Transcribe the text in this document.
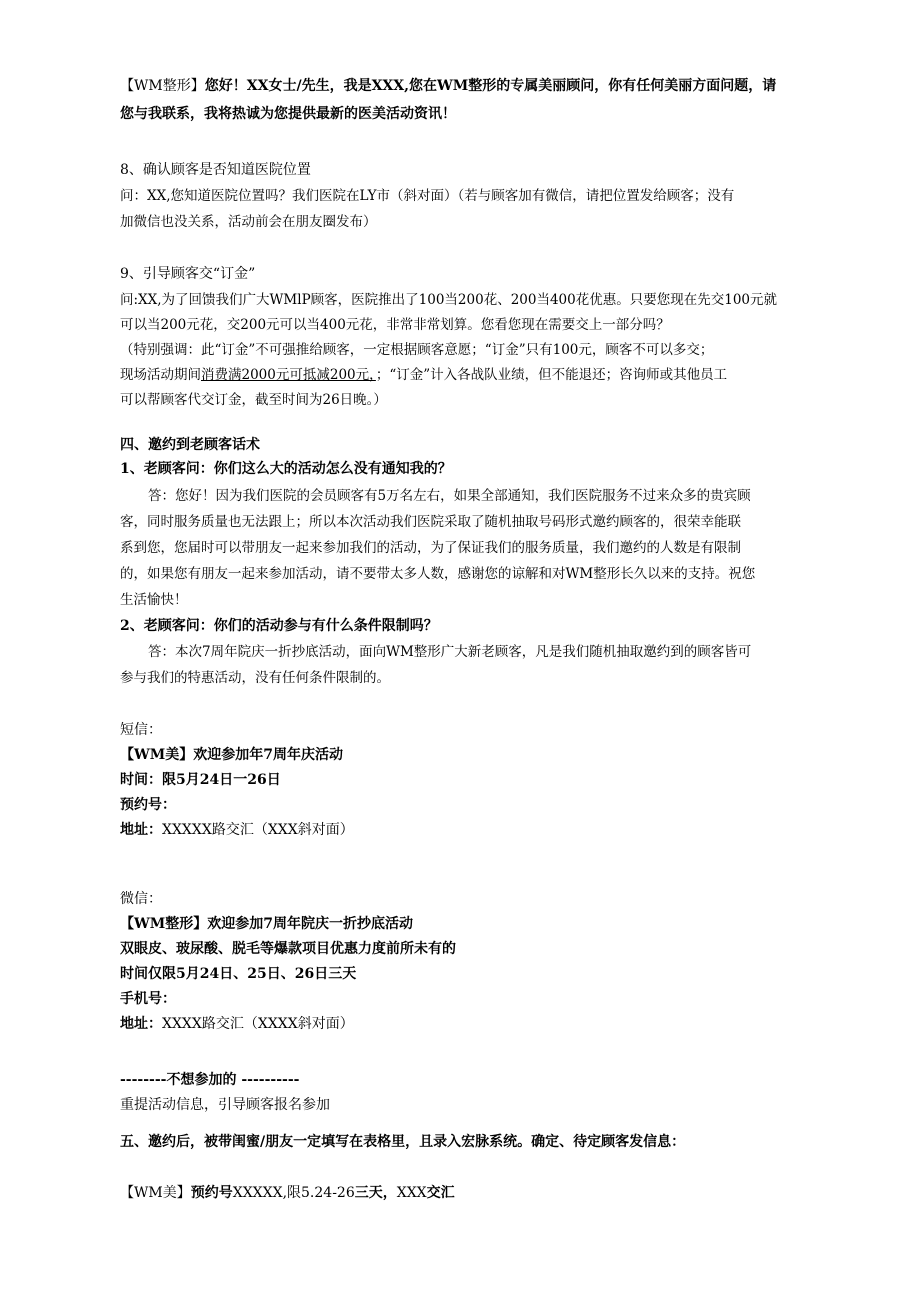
【WM整形】您好！XX女士/先生，我是XXX,您在WM整形的专属美丽顾问，你有任何美丽方面问题，请
您与我联系，我将热诚为您提供最新的医美活动资讯！
8、确认顾客是否知道医院位置
问：XX,您知道医院位置吗？我们医院在LY市（斜对面）（若与顾客加有微信，请把位置发给顾客；没有
加微信也没关系，活动前会在朋友圈发布）
9、引导顾客交“订金”
问:XX,为了回馈我们广大WMlP顾客，医院推出了100当200花、200当400花优惠。只要您现在先交100元就
可以当200元花，交200元可以当400元花，非常非常划算。您看您现在需要交上一部分吗？
（特别强调：此“订金”不可强推给顾客，一定根据顾客意愿；“订金”只有100元，顾客不可以多交；
现场活动期间消费满2000元可抵减200元，；“订金”计入各战队业绩，但不能退还；咨询师或其他员工
可以帮顾客代交订金，截至时间为26日晚。）
四、邀约到老顾客话术
1、老顾客问：你们这么大的活动怎么没有通知我的？
答：您好！因为我们医院的会员顾客有5万名左右，如果全部通知，我们医院服务不过来众多的贵宾顾
客，同时服务质量也无法跟上；所以本次活动我们医院采取了随机抽取号码形式邀约顾客的，很荣幸能联
系到您，您届时可以带朋友一起来参加我们的活动，为了保证我们的服务质量，我们邀约的人数是有限制
的，如果您有朋友一起来参加活动，请不要带太多人数，感谢您的谅解和对WM整形长久以来的支持。祝您
生活愉快！
2、老顾客问：你们的活动参与有什么条件限制吗？
答：本次7周年院庆一折抄底活动，面向WM整形广大新老顾客，凡是我们随机抽取邀约到的顾客皆可
参与我们的特惠活动，没有任何条件限制的。
短信：
【WM美】欢迎参加年7周年庆活动
时间：限5月24日一26日
预约号：
地址：XXXXX路交汇（XXX斜对面）
微信：
【WM整形】欢迎参加7周年院庆一折抄底活动
双眼皮、玻尿酸、脱毛等爆款项目优惠力度前所未有的
时间仅限5月24日、25日、26日三天
手机号：
地址：XXXX路交汇（XXXX斜对面）
--------不想参加的 ----------
重提活动信息，引导顾客报名参加
五、邀约后，被带闺蜜/朋友一定填写在表格里，且录入宏脉系统。确定、待定顾客发信息：
【WM美】预约号XXXXX,限5.24-26三天，XXX交汇
